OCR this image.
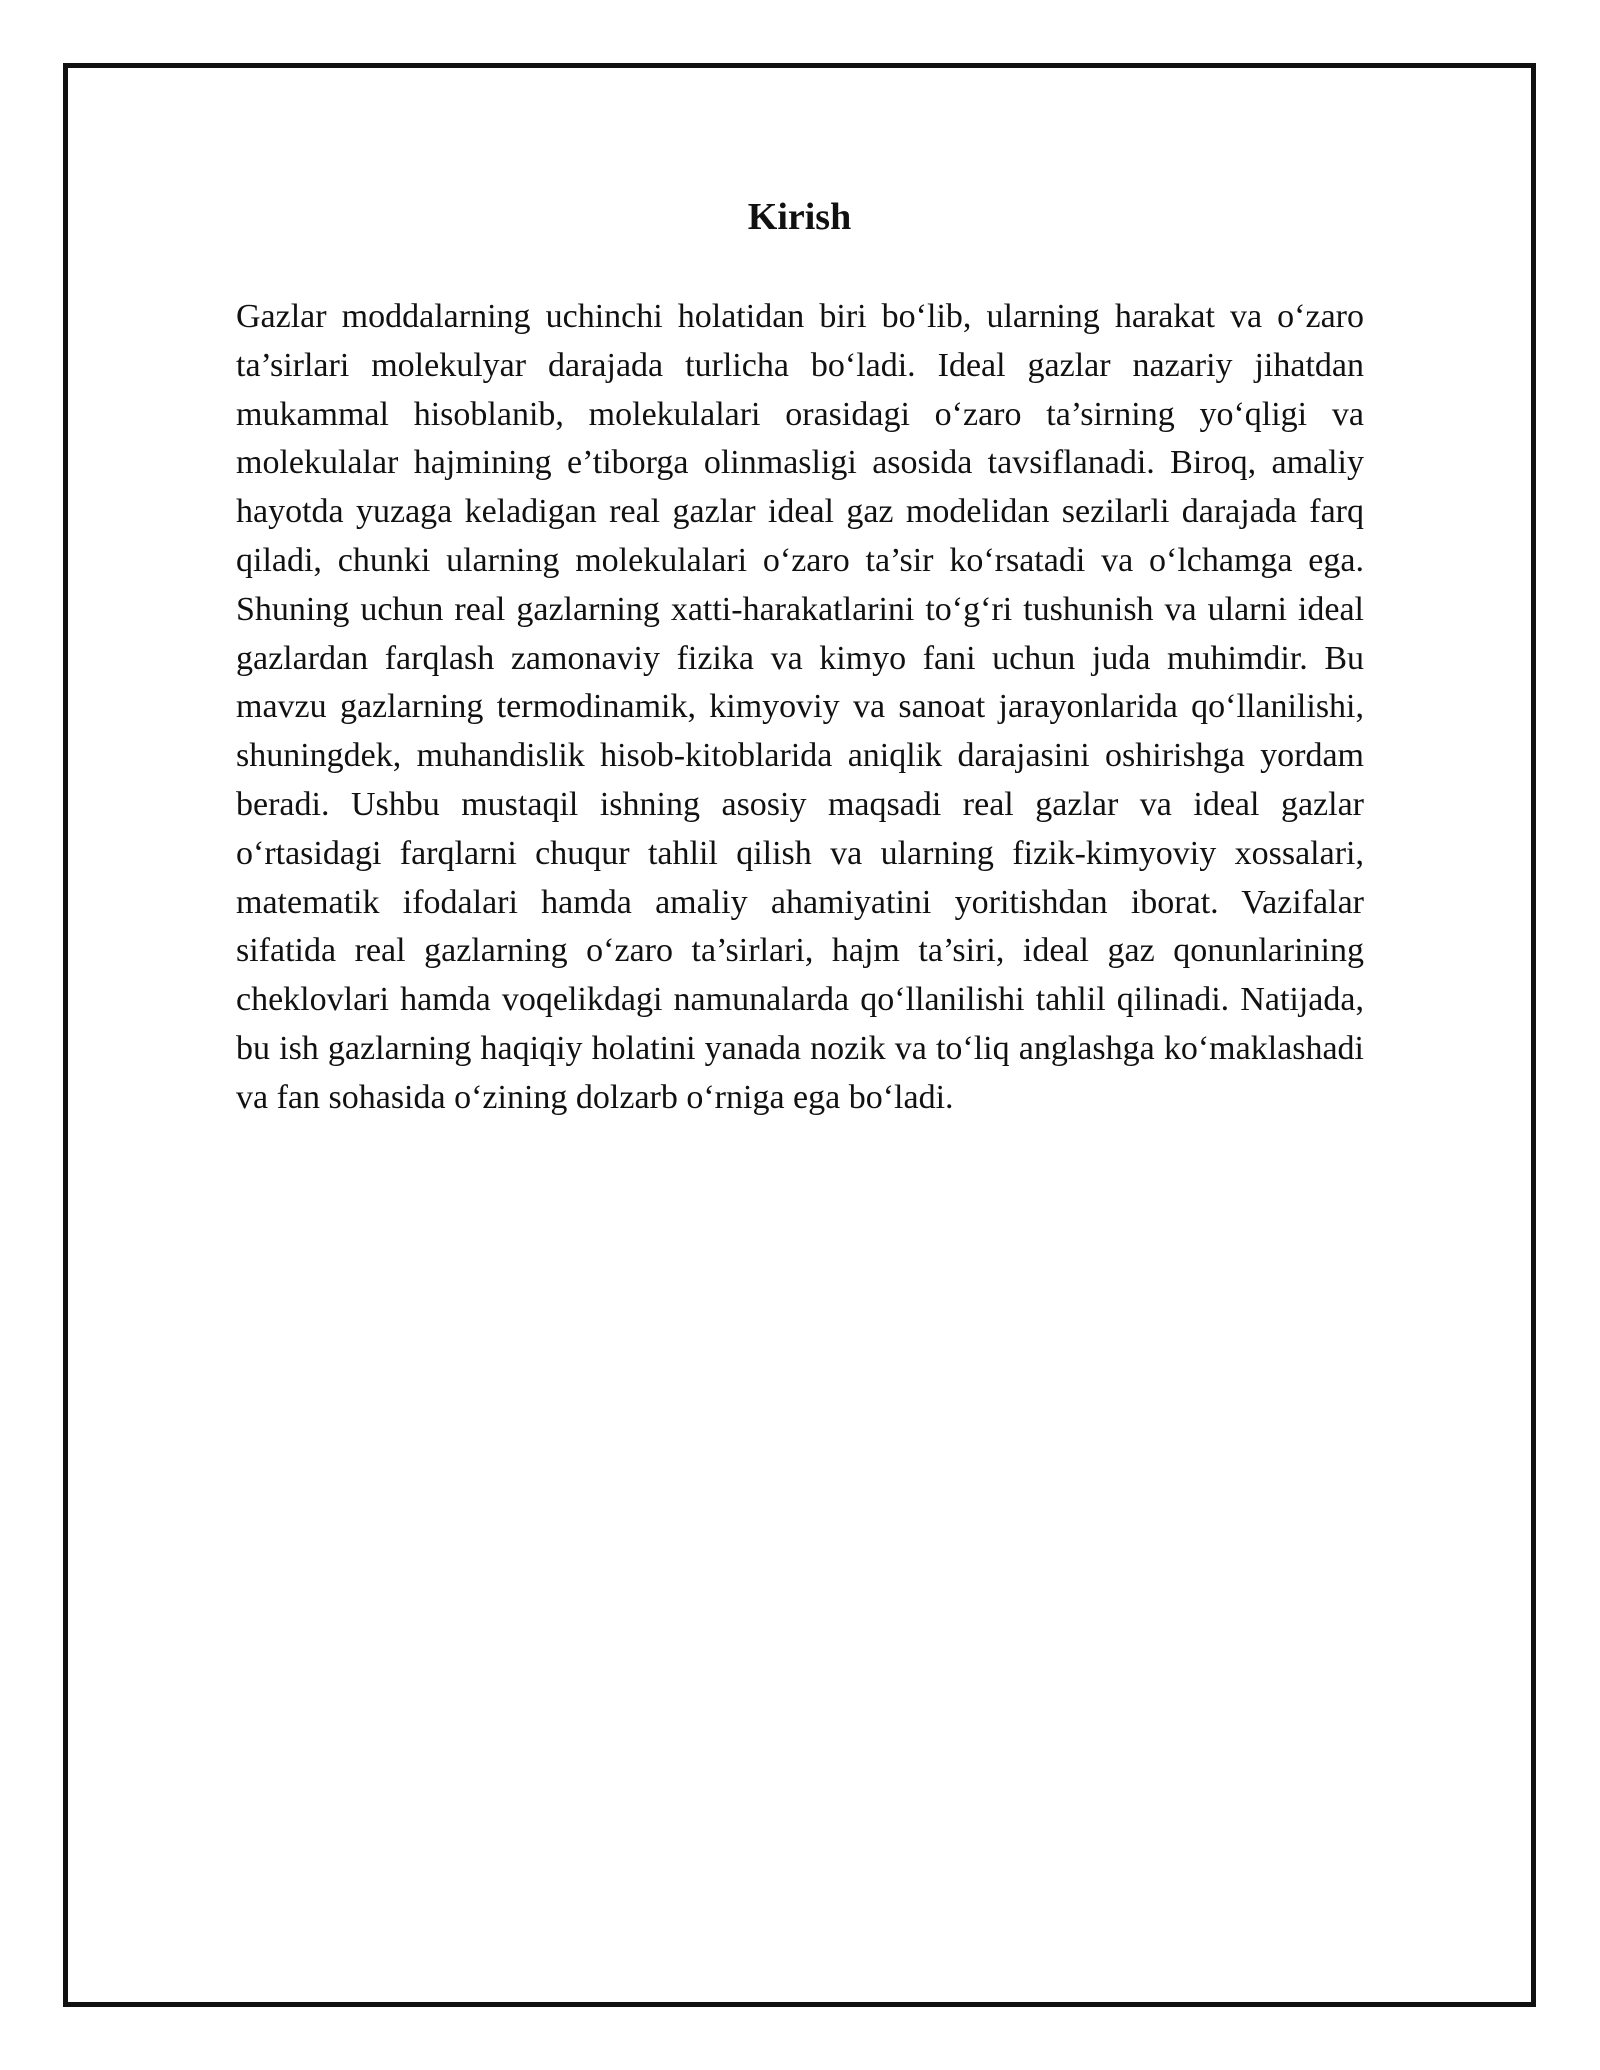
Kirish

Gazlar moddalarning uchinchi holatidan biri bo‘lib, ularning harakat va o‘zaro ta’sirlari molekulyar darajada turlicha bo‘ladi. Ideal gazlar nazariy jihatdan mukammal hisoblanib, molekulalari orasidagi o‘zaro ta’sirning yo‘qligi va molekulalar hajmining e’tiborga olinmasligi asosida tavsiflanadi. Biroq, amaliy hayotda yuzaga keladigan real gazlar ideal gaz modelidan sezilarli darajada farq qiladi, chunki ularning molekulalari o‘zaro ta’sir ko‘rsatadi va o‘lchamga ega. Shuning uchun real gazlarning xatti-harakatlarini to‘g‘ri tushunish va ularni ideal gazlardan farqlash zamonaviy fizika va kimyo fani uchun juda muhimdir. Bu mavzu gazlarning termodinamik, kimyoviy va sanoat jarayonlarida qo‘llanilishi, shuningdek, muhandislik hisob-kitoblarida aniqlik darajasini oshirishga yordam beradi. Ushbu mustaqil ishning asosiy maqsadi real gazlar va ideal gazlar o‘rtasidagi farqlarni chuqur tahlil qilish va ularning fizik-kimyoviy xossalari, matematik ifodalari hamda amaliy ahamiyatini yoritishdan iborat. Vazifalar sifatida real gazlarning o‘zaro ta’sirlari, hajm ta’siri, ideal gaz qonunlarining cheklovlari hamda voqelikdagi namunalarda qo‘llanilishi tahlil qilinadi. Natijada, bu ish gazlarning haqiqiy holatini yanada nozik va to‘liq anglashga ko‘maklashadi va fan sohasida o‘zining dolzarb o‘rniga ega bo‘ladi.
